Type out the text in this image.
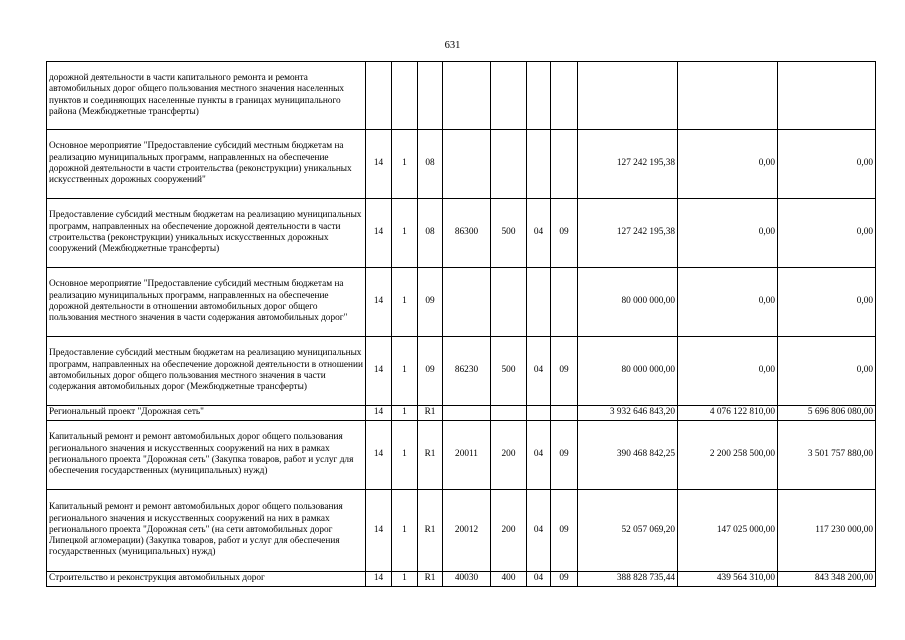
631
дорожной деятельности в части капитального ремонта и ремонта автомобильных дорог общего пользования местного значения населенных пунктов и соединяющих населенные пункты в границах муниципального района (Межбюджетные трансферты)										
Основное мероприятие "Предоставление субсидий местным бюджетам на реализацию муниципальных программ, направленных на обеспечение дорожной деятельности в части строительства (реконструкции) уникальных искусственных дорожных сооружений"	14	1	08					127 242 195,38	0,00	0,00
Предоставление субсидий местным бюджетам на реализацию муниципальных программ, направленных на обеспечение дорожной деятельности в части строительства (реконструкции) уникальных искусственных дорожных сооружений (Межбюджетные трансферты)	14	1	08	86300	500	04	09	127 242 195,38	0,00	0,00
Основное мероприятие "Предоставление субсидий местным бюджетам на реализацию муниципальных программ, направленных на обеспечение дорожной деятельности в отношении автомобильных дорог общего пользования местного значения в части содержания автомобильных дорог"	14	1	09					80 000 000,00	0,00	0,00
Предоставление субсидий местным бюджетам на реализацию муниципальных программ, направленных на обеспечение дорожной деятельности в отношении автомобильных дорог общего пользования местного значения в части содержания автомобильных дорог (Межбюджетные трансферты)	14	1	09	86230	500	04	09	80 000 000,00	0,00	0,00
Региональный проект "Дорожная сеть"	14	1	R1					3 932 646 843,20	4 076 122 810,00	5 696 806 080,00
Капитальный ремонт и ремонт автомобильных дорог общего пользования регионального значения и искусственных сооружений на них в рамках регионального проекта "Дорожная сеть" (Закупка товаров, работ и услуг для обеспечения государственных (муниципальных) нужд)	14	1	R1	20011	200	04	09	390 468 842,25	2 200 258 500,00	3 501 757 880,00
Капитальный ремонт и ремонт автомобильных дорог общего пользования регионального значения и искусственных сооружений на них в рамках регионального проекта "Дорожная сеть" (на сети автомобильных дорог Липецкой агломерации) (Закупка товаров, работ и услуг для обеспечения государственных (муниципальных) нужд)	14	1	R1	20012	200	04	09	52 057 069,20	147 025 000,00	117 230 000,00
Строительство и реконструкция автомобильных дорог	14	1	R1	40030	400	04	09	388 828 735,44	439 564 310,00	843 348 200,00
